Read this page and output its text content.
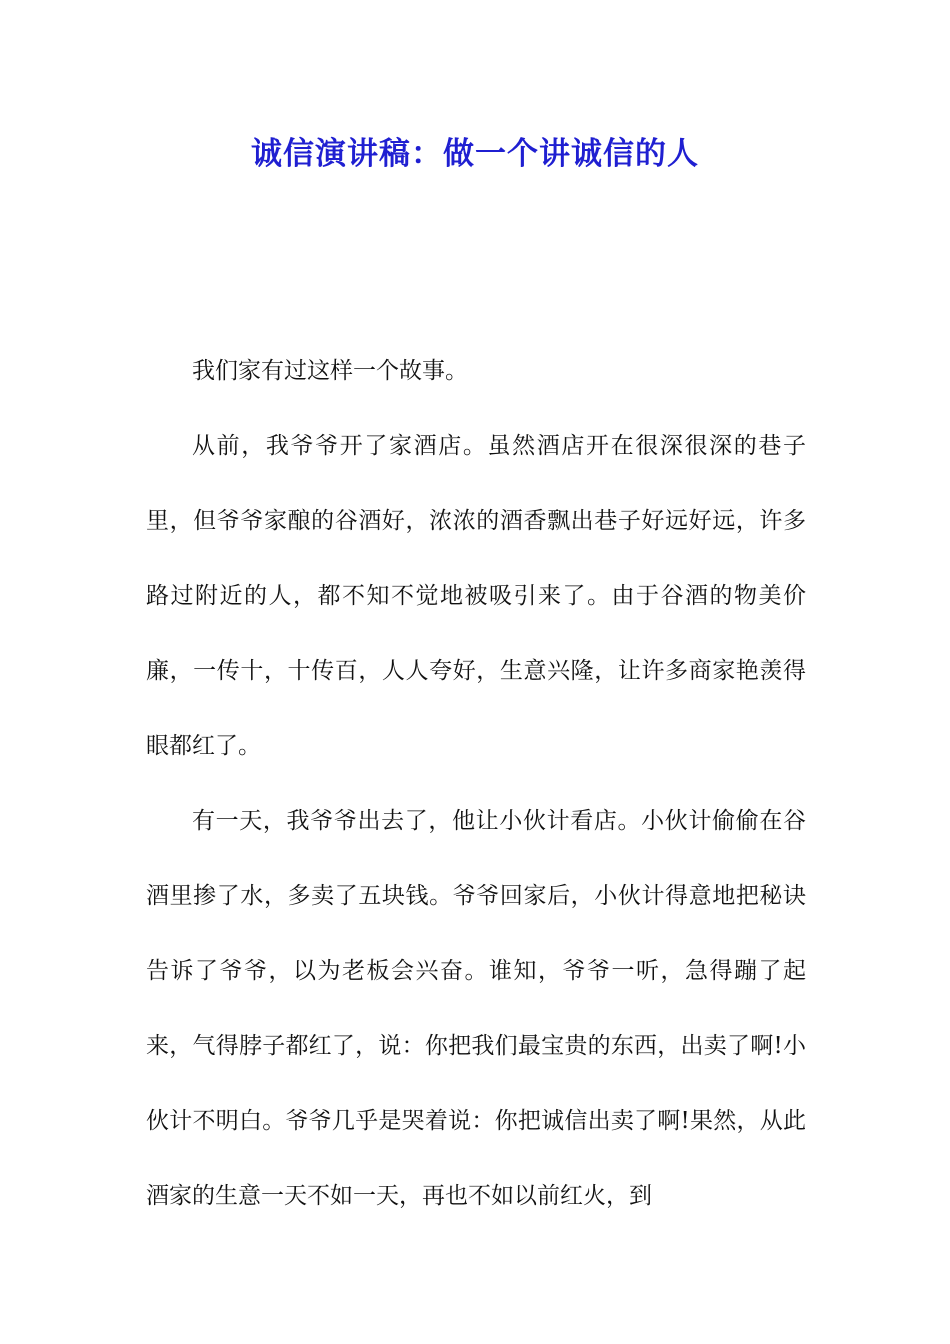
诚信演讲稿：做一个讲诚信的人

我们家有过这样一个故事。

从前，我爷爷开了家酒店。虽然酒店开在很深很深的巷子里，但爷爷家酿的谷酒好，浓浓的酒香飘出巷子好远好远，许多路过附近的人，都不知不觉地被吸引来了。由于谷酒的物美价廉，一传十，十传百，人人夸好，生意兴隆，让许多商家艳羡得眼都红了。

有一天，我爷爷出去了，他让小伙计看店。小伙计偷偷在谷酒里掺了水，多卖了五块钱。爷爷回家后，小伙计得意地把秘诀告诉了爷爷，以为老板会兴奋。谁知，爷爷一听，急得蹦了起来，气得脖子都红了，说：你把我们最宝贵的东西，出卖了啊!小伙计不明白。爷爷几乎是哭着说：你把诚信出卖了啊!果然，从此酒家的生意一天不如一天，再也不如以前红火，到
